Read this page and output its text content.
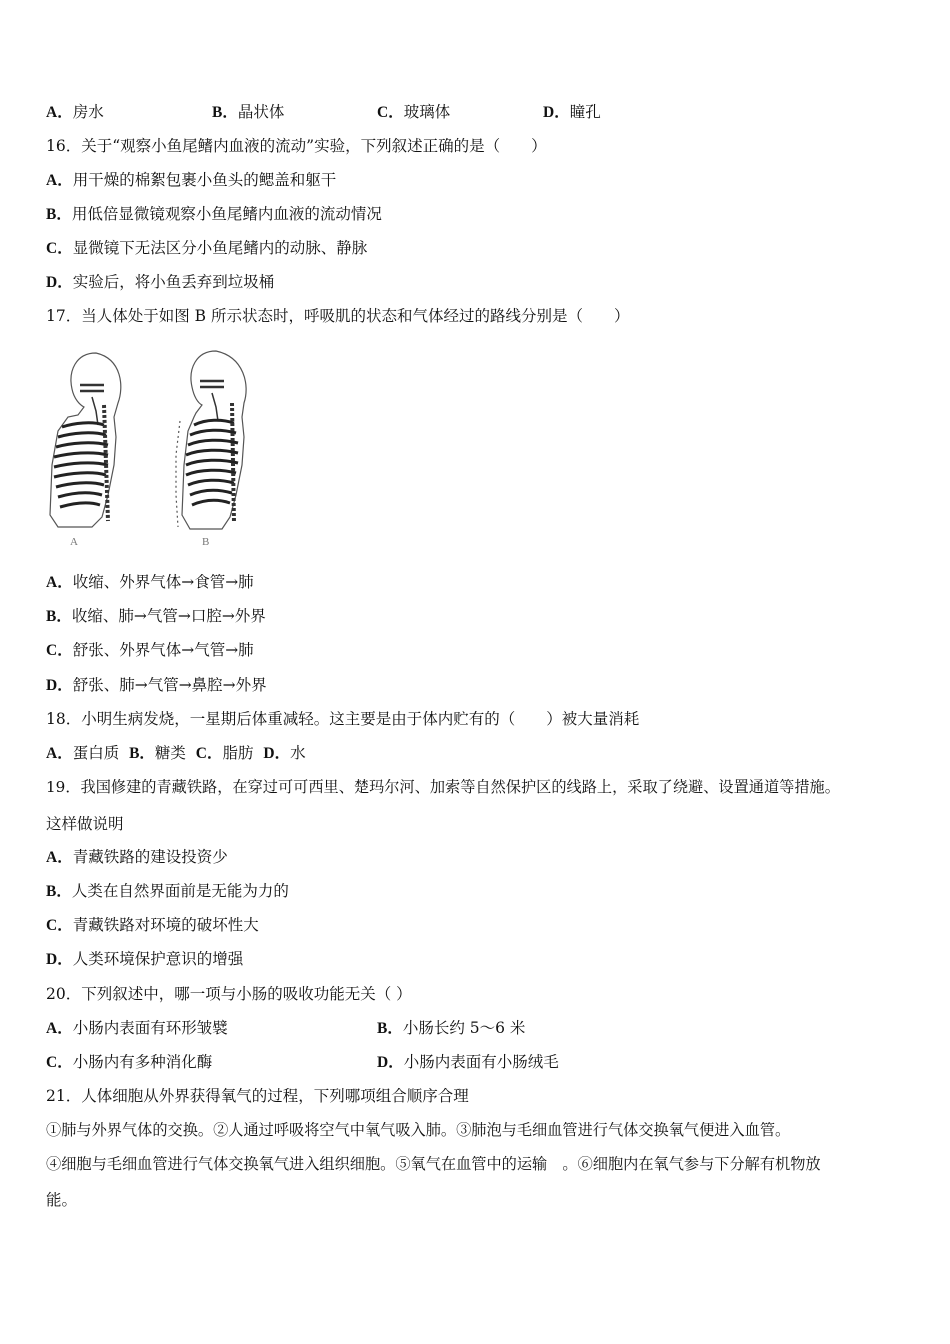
A．房水	B．晶状体	C．玻璃体	D．瞳孔
16．关于“观察小鱼尾鳍内血液的流动”实验，下列叙述正确的是（　　）
A．用干燥的棉絮包裹小鱼头的鳃盖和躯干
B．用低倍显微镜观察小鱼尾鳍内血液的流动情况
C．显微镜下无法区分小鱼尾鳍内的动脉、静脉
D．实验后，将小鱼丢弃到垃圾桶
17．当人体处于如图 B 所示状态时，呼吸肌的状态和气体经过的路线分别是（　　）
A	B
A．收缩、外界气体→食管→肺
B．收缩、肺→气管→口腔→外界
C．舒张、外界气体→气管→肺
D．舒张、肺→气管→鼻腔→外界
18．小明生病发烧，一星期后体重减轻。这主要是由于体内贮有的（　　）被大量消耗
A．蛋白质 B．糖类 C．脂肪 D．水
19．我国修建的青藏铁路，在穿过可可西里、楚玛尔河、加索等自然保护区的线路上，采取了绕避、设置通道等措施。
这样做说明
A．青藏铁路的建设投资少
B．人类在自然界面前是无能为力的
C．青藏铁路对环境的破坏性大
D．人类环境保护意识的增强
20．下列叙述中，哪一项与小肠的吸收功能无关（ ）
A．小肠内表面有环形皱襞	B．小肠长约 5～6 米
C．小肠内有多种消化酶	D．小肠内表面有小肠绒毛
21．人体细胞从外界获得氧气的过程，下列哪项组合顺序合理
①肺与外界气体的交换。②人通过呼吸将空气中氧气吸入肺。③肺泡与毛细血管进行气体交换氧气便进入血管。
④细胞与毛细血管进行气体交换氧气进入组织细胞。⑤氧气在血管中的运输　。⑥细胞内在氧气参与下分解有机物放
能。
